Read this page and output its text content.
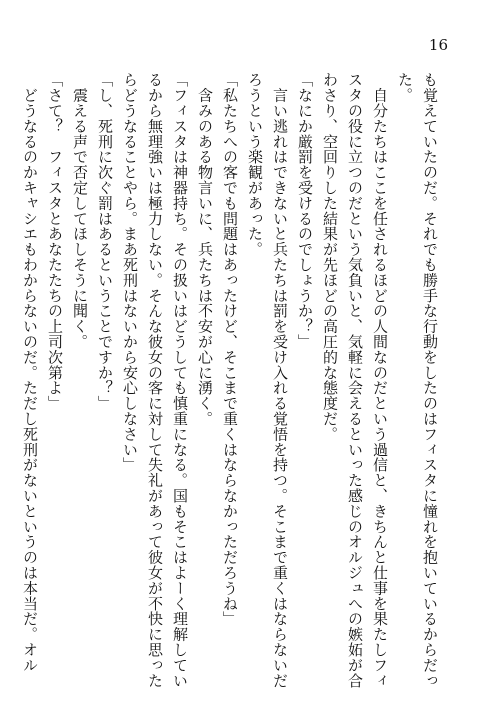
16
も覚えていたのだ。それでも勝手な行動をしたのはフィスタに憧れを抱いているからだっ
た。
　自分たちはここを任されるほどの人間なのだという過信と、きちんと仕事を果たしフィ
スタの役に立つのだという気負いと、気軽に会えるといった感じのオルジュへの嫉妬が合
わさり、空回りした結果が先ほどの高圧的な態度だ。
「なにか厳罰を受けるのでしょうか？」
　言い逃れはできないと兵たちは罰を受け入れる覚悟を持つ。そこまで重くはならないだ
ろうという楽観があった。
「私たちへの客でも問題はあったけど、そこまで重くはならなかっただろうね」
　含みのある物言いに、兵たちは不安が心に湧く。
「フィスタは神器持ち。その扱いはどうしても慎重になる。国もそこはよーく理解してい
るから無理強いは極力しない。そんな彼女の客に対して失礼があって彼女が不快に思った
らどうなることやら。まあ死刑はないから安心しなさい」
「し、死刑に次ぐ罰はあるということですか？」
　震える声で否定してほしそうに聞く。
「さて？　フィスタとあなたたちの上司次第よ」
　どうなるのかキャシエもわからないのだ。ただし死刑がないというのは本当だ。オル
